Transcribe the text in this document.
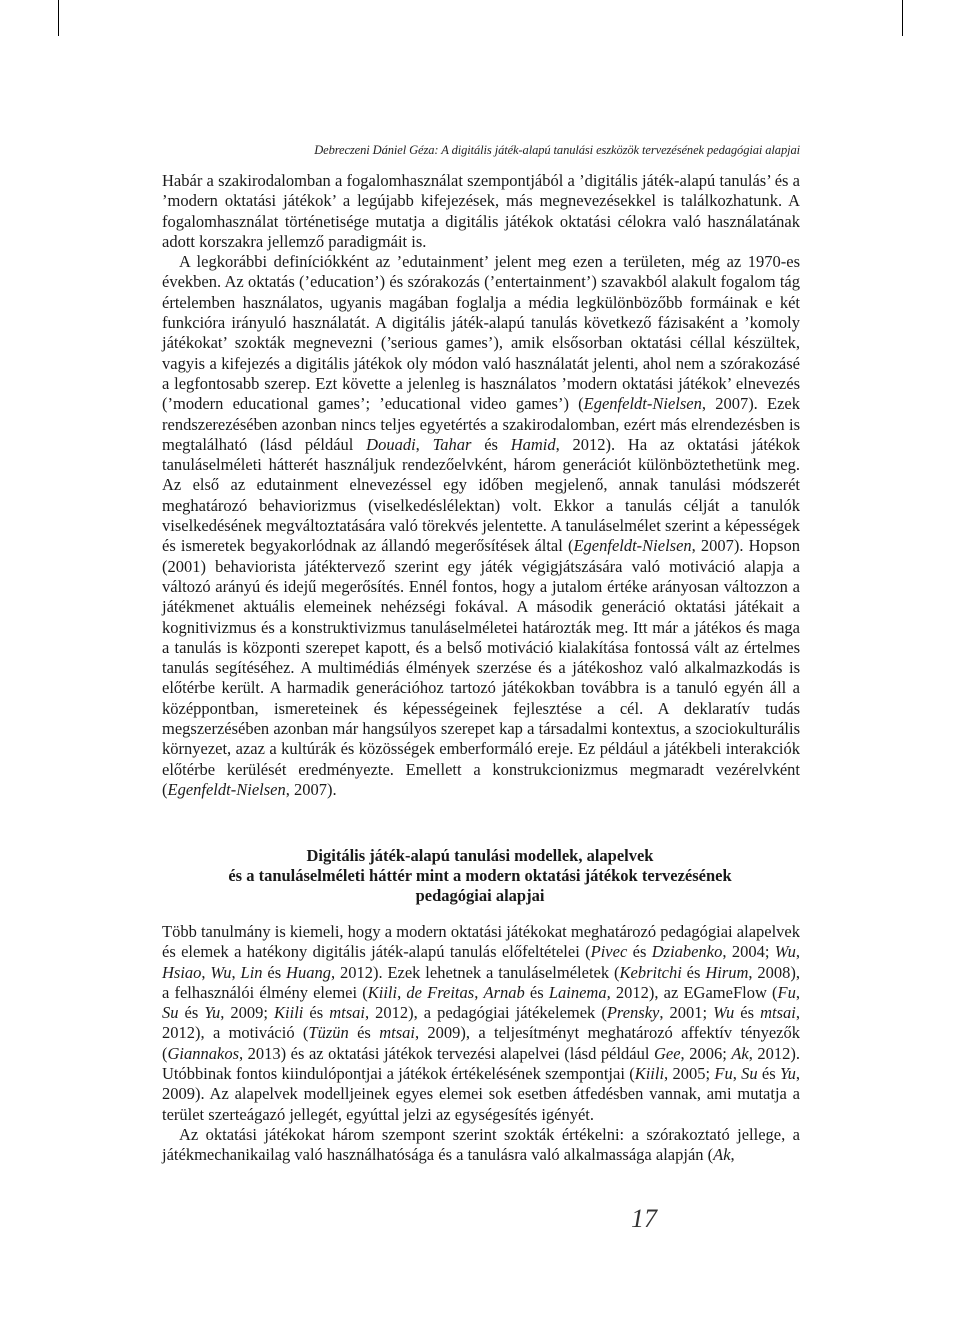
Debreczeni Dániel Géza: A digitális játék-alapú tanulási eszközök tervezésének pedagógiai alapjai

Habár a szakirodalomban a fogalomhasználat szempontjából a ’digitális játék-alapú tanulás’ és a ’modern oktatási játékok’ a legújabb kifejezések, más megnevezésekkel is találkozhatunk. A fogalomhasználat történetisége mutatja a digitális játékok oktatási célokra való használatának adott korszakra jellemző paradigmáit is.

A legkorábbi definíciókként az ’edutainment’ jelent meg ezen a területen, még az 1970-es években. Az oktatás (’education’) és szórakozás (’entertainment’) szavakból alakult fogalom tág értelemben használatos, ugyanis magában foglalja a média legkülönbözőbb formáinak e két funkcióra irányuló használatát. A digitális játék-alapú tanulás következő fázisaként a ’komoly játékokat’ szokták megnevezni (’serious games’), amik elsősorban oktatási céllal készültek, vagyis a kifejezés a digitális játékok oly módon való használatát jelenti, ahol nem a szórakozásé a legfontosabb szerep. Ezt követte a jelenleg is használatos ’modern oktatási játékok’ elnevezés (’modern educational games’; ’educational video games’) (Egenfeldt-Nielsen, 2007). Ezek rendszerezésében azonban nincs teljes egyetértés a szakirodalomban, ezért más elrendezésben is megtalálható (lásd például Douadi, Tahar és Hamid, 2012). Ha az oktatási játékok tanuláselméleti hátterét használjuk rendezőelvként, három generációt különböztethetünk meg. Az első az edutainment elnevezéssel egy időben megjelenő, annak tanulási módszerét meghatározó behaviorizmus (viselkedéslélektan) volt. Ekkor a tanulás célját a tanulók viselkedésének megváltoztatására való törekvés jelentette. A tanuláselmélet szerint a képességek és ismeretek begyakorlódnak az állandó megerősítések által (Egenfeldt-Nielsen, 2007). Hopson (2001) behaviorista játéktervező szerint egy játék végigjátszására való motiváció alapja a változó arányú és idejű megerősítés. Ennél fontos, hogy a jutalom értéke arányosan változzon a játékmenet aktuális elemeinek nehézségi fokával. A második generáció oktatási játékait a kognitivizmus és a konstruktivizmus tanuláselméletei határozták meg. Itt már a játékos és maga a tanulás is központi szerepet kapott, és a belső motiváció kialakítása fontossá vált az értelmes tanulás segítéséhez. A multimédiás élmények szerzése és a játékoshoz való alkalmazkodás is előtérbe került. A harmadik generációhoz tartozó játékokban továbbra is a tanuló egyén áll a középpontban, ismereteinek és képességeinek fejlesztése a cél. A deklaratív tudás megszerzésében azonban már hangsúlyos szerepet kap a társadalmi kontextus, a szociokulturális környezet, azaz a kultúrák és közösségek emberformáló ereje. Ez például a játékbeli interakciók előtérbe kerülését eredményezte. Emellett a konstrukcionizmus megmaradt vezérelvként (Egenfeldt-Nielsen, 2007).

Digitális játék-alapú tanulási modellek, alapelvek
és a tanuláselméleti háttér mint a modern oktatási játékok tervezésének
pedagógiai alapjai

Több tanulmány is kiemeli, hogy a modern oktatási játékokat meghatározó pedagógiai alapelvek és elemek a hatékony digitális játék-alapú tanulás előfeltételei (Pivec és Dziabenko, 2004; Wu, Hsiao, Wu, Lin és Huang, 2012). Ezek lehetnek a tanuláselméletek (Kebritchi és Hirum, 2008), a felhasználói élmény elemei (Kiili, de Freitas, Arnab és Lainema, 2012), az EGameFlow (Fu, Su és Yu, 2009; Kiili és mtsai, 2012), a pedagógiai játékelemek (Prensky, 2001; Wu és mtsai, 2012), a motiváció (Tüzün és mtsai, 2009), a teljesítményt meghatározó affektív tényezők (Giannakos, 2013) és az oktatási játékok tervezési alapelvei (lásd például Gee, 2006; Ak, 2012). Utóbbinak fontos kiindulópontjai a játékok értékelésének szempontjai (Kiili, 2005; Fu, Su és Yu, 2009). Az alapelvek modelljeinek egyes elemei sok esetben átfedésben vannak, ami mutatja a terület szerteágazó jellegét, egyúttal jelzi az egységesítés igényét.

Az oktatási játékokat három szempont szerint szokták értékelni: a szórakoztató jellege, a játékmechanikailag való használhatósága és a tanulásra való alkalmassága alapján (Ak,

17
